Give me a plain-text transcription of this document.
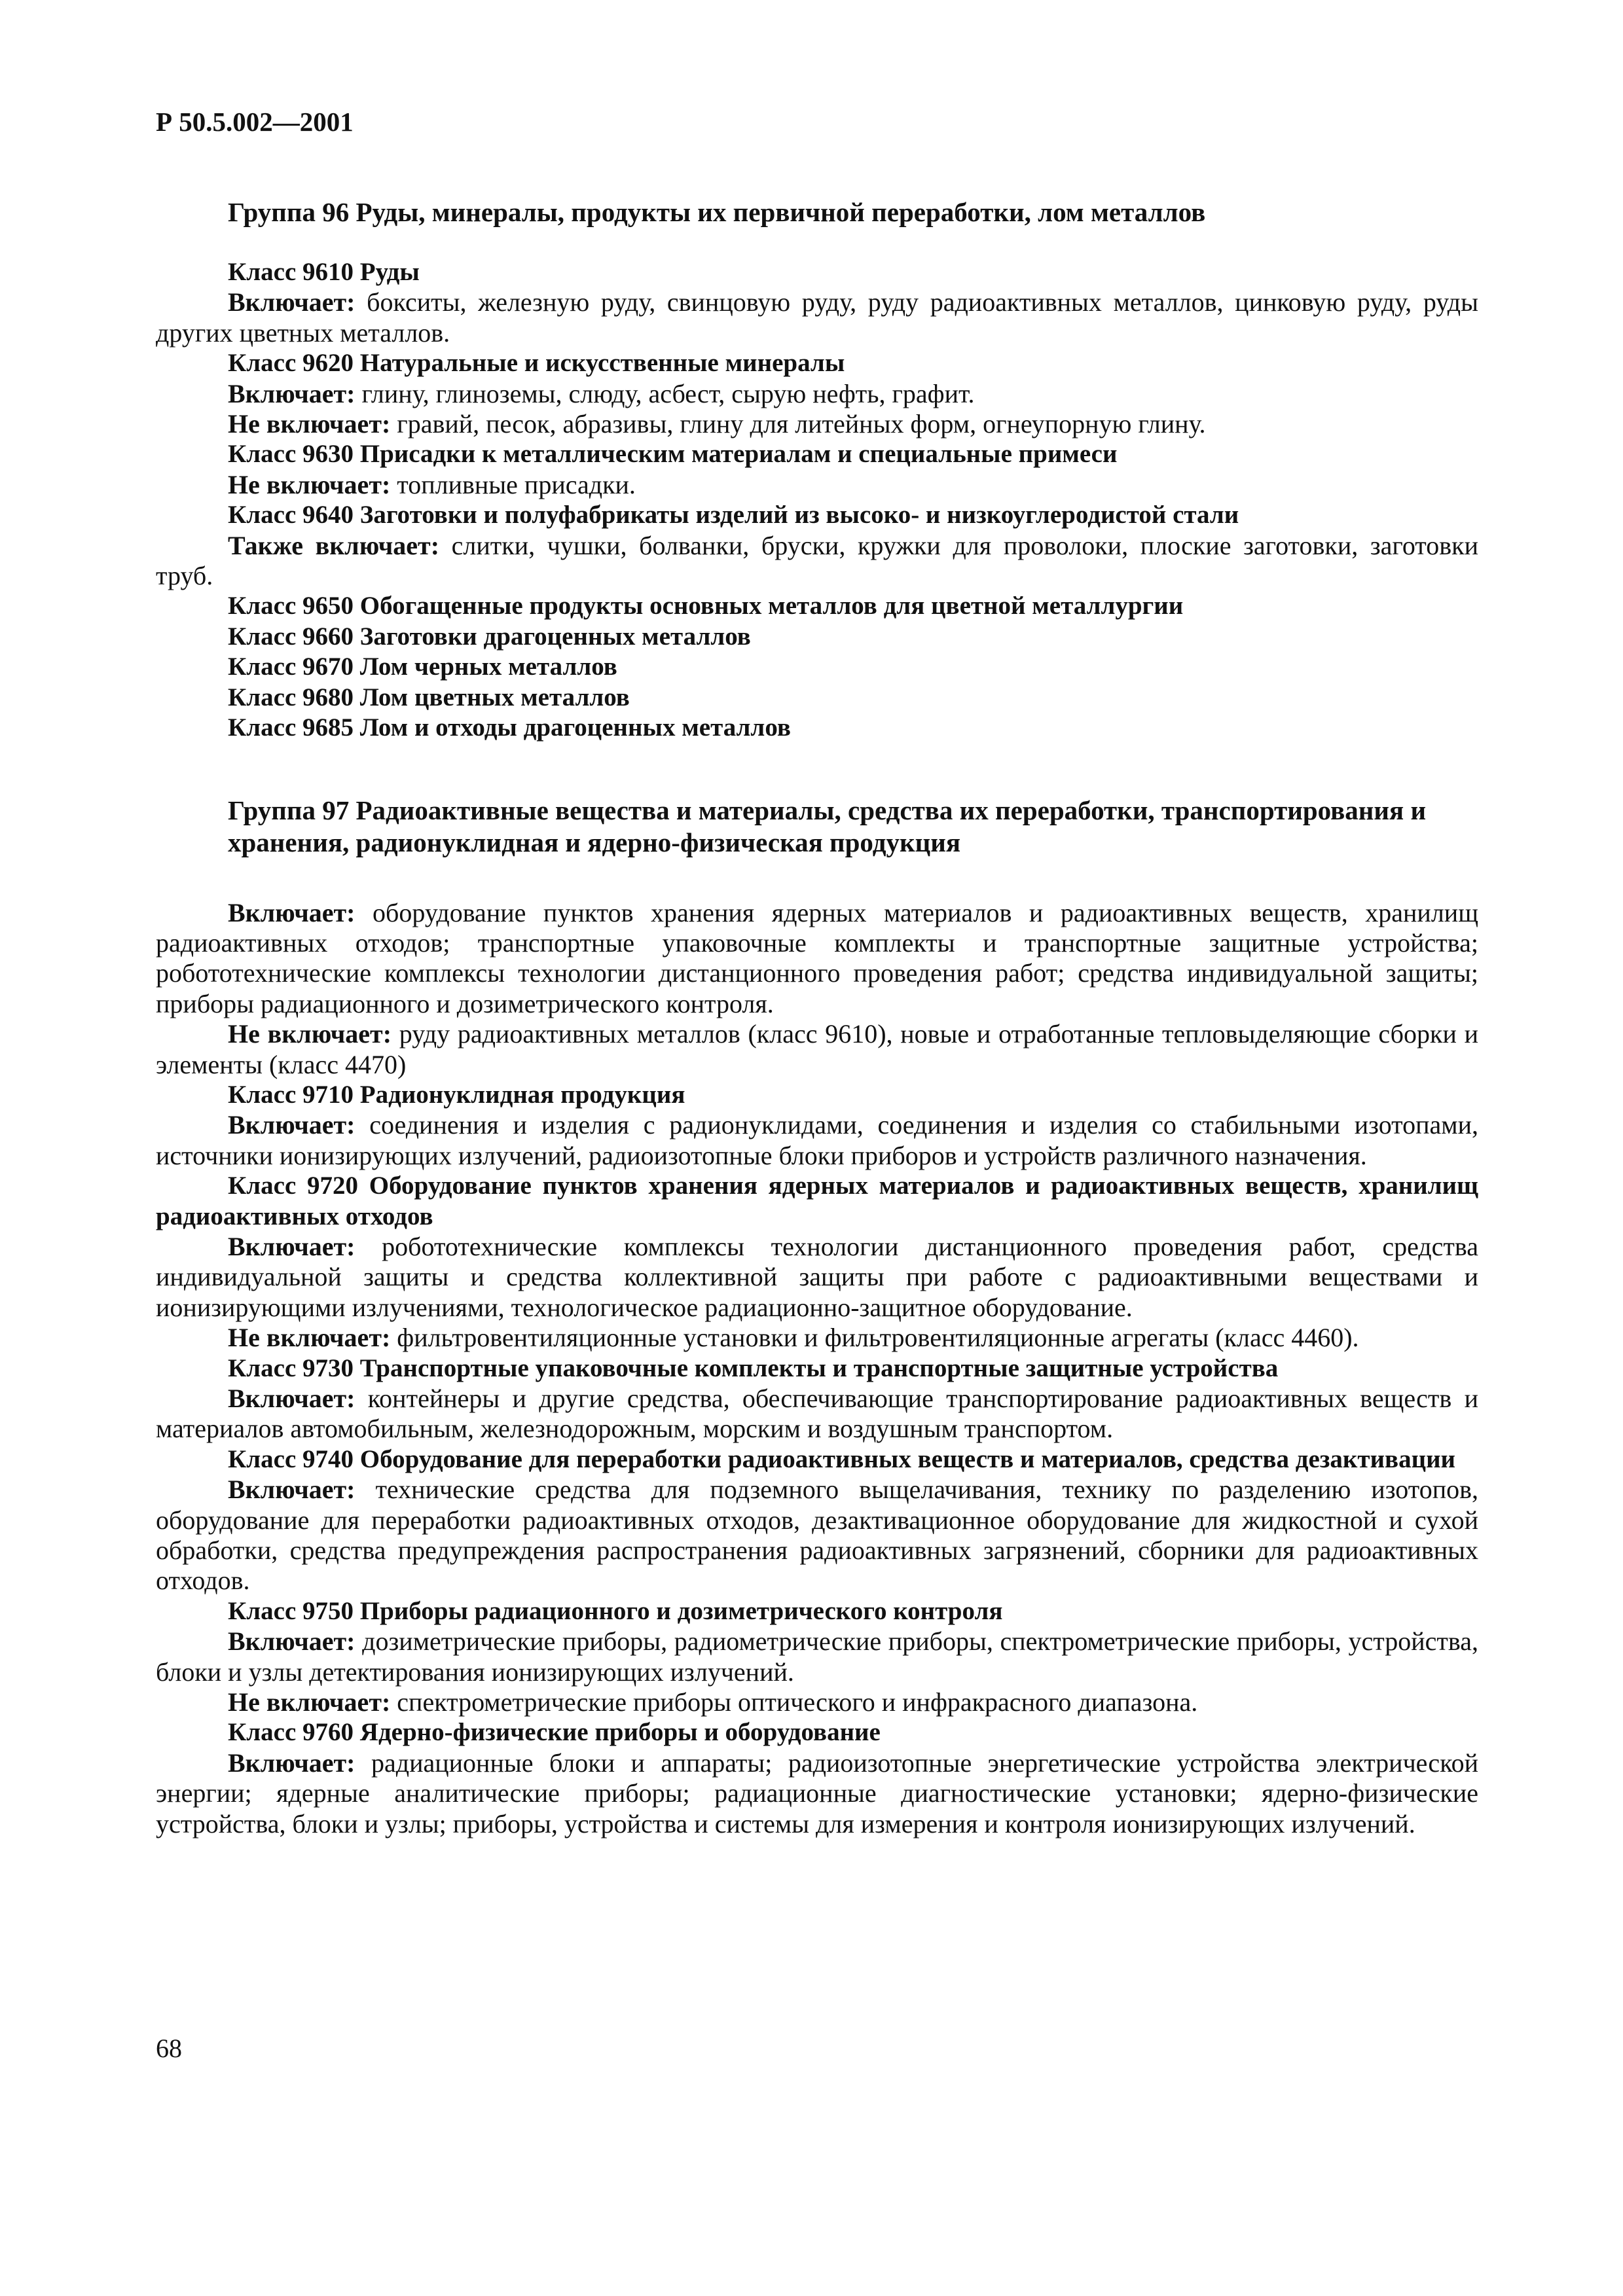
Р 50.5.002—2001
Группа 96 Руды, минералы, продукты их первичной переработки, лом металлов

Класс 9610 Руды

Включает: бокситы, железную руду, свинцовую руду, руду радиоактивных металлов, цинковую руду, руды других цветных металлов.

Класс 9620 Натуральные и искусственные минералы

Включает: глину, глиноземы, слюду, асбест, сырую нефть, графит.

Не включает: гравий, песок, абразивы, глину для литейных форм, огнеупорную глину.

Класс 9630 Присадки к металлическим материалам и специальные примеси

Не включает: топливные присадки.

Класс 9640 Заготовки и полуфабрикаты изделий из высоко- и низкоуглеродистой стали

Также включает: слитки, чушки, болванки, бруски, кружки для проволоки, плоские заготовки, заготовки труб.

Класс 9650 Обогащенные продукты основных металлов для цветной металлургии

Класс 9660 Заготовки драгоценных металлов

Класс 9670 Лом черных металлов

Класс 9680 Лом цветных металлов

Класс 9685 Лом и отходы драгоценных металлов

Группа 97 Радиоактивные вещества и материалы, средства их переработки, транспортирования и хранения, радионуклидная и ядерно-физическая продукция

Включает: оборудование пунктов хранения ядерных материалов и радиоактивных веществ, хранилищ радиоактивных отходов; транспортные упаковочные комплекты и транспортные защитные устройства; робототехнические комплексы технологии дистанционного проведения работ; средства индивидуальной защиты; приборы радиационного и дозиметрического контроля.

Не включает: руду радиоактивных металлов (класс 9610), новые и отработанные тепловыделяющие сборки и элементы (класс 4470)

Класс 9710 Радионуклидная продукция

Включает: соединения и изделия с радионуклидами, соединения и изделия со стабильными изотопами, источники ионизирующих излучений, радиоизотопные блоки приборов и устройств различного назначения.

Класс 9720 Оборудование пунктов хранения ядерных материалов и радиоактивных веществ, хранилищ радиоактивных отходов

Включает: робототехнические комплексы технологии дистанционного проведения работ, средства индивидуальной защиты и средства коллективной защиты при работе с радиоактивными веществами и ионизирующими излучениями, технологическое радиационно-защитное оборудование.

Не включает: фильтровентиляционные установки и фильтровентиляционные агрегаты (класс 4460).

Класс 9730 Транспортные упаковочные комплекты и транспортные защитные устройства

Включает: контейнеры и другие средства, обеспечивающие транспортирование радиоактивных веществ и материалов автомобильным, железнодорожным, морским и воздушным транспортом.

Класс 9740 Оборудование для переработки радиоактивных веществ и материалов, средства дезактивации

Включает: технические средства для подземного выщелачивания, технику по разделению изотопов, оборудование для переработки радиоактивных отходов, дезактивационное оборудование для жидкостной и сухой обработки, средства предупреждения распространения радиоактивных загрязнений, сборники для радиоактивных отходов.

Класс 9750 Приборы радиационного и дозиметрического контроля

Включает: дозиметрические приборы, радиометрические приборы, спектрометрические приборы, устройства, блоки и узлы детектирования ионизирующих излучений.

Не включает: спектрометрические приборы оптического и инфракрасного диапазона.

Класс 9760 Ядерно-физические приборы и оборудование

Включает: радиационные блоки и аппараты; радиоизотопные энергетические устройства электрической энергии; ядерные аналитические приборы; радиационные диагностические установки; ядерно-физические устройства, блоки и узлы; приборы, устройства и системы для измерения и контроля ионизирующих излучений.

68
